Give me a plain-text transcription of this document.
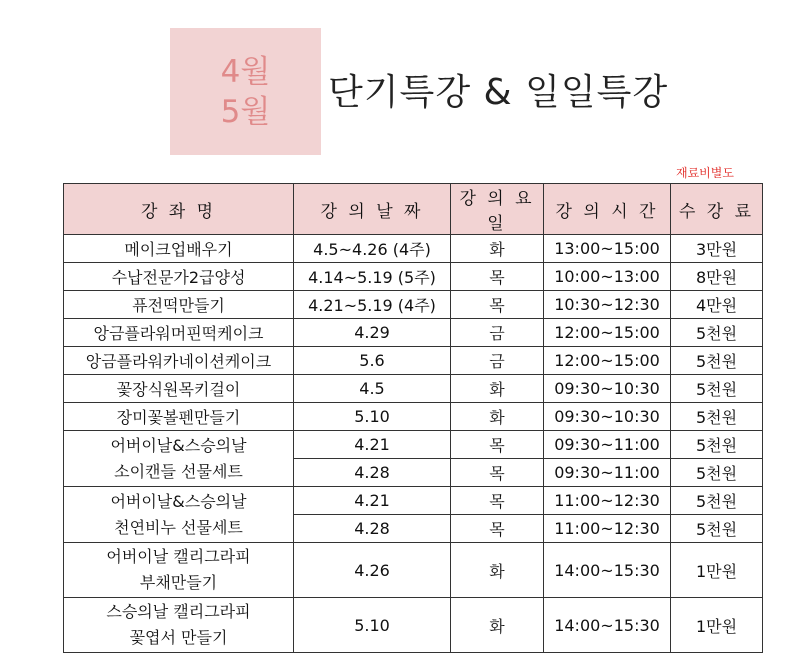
4월
5월 단기특강 & 일일특강
재료비별도
강 좌 명	강 의 날 짜	강 의 요 일	강 의 시 간	수 강 료
메이크업배우기	4.5~4.26 (4주)	화	13:00~15:00	3만원
수납전문가2급양성	4.14~5.19 (5주)	목	10:00~13:00	8만원
퓨전떡만들기	4.21~5.19 (4주)	목	10:30~12:30	4만원
앙금플라워머핀떡케이크	4.29	금	12:00~15:00	5천원
앙금플라워카네이션케이크	5.6	금	12:00~15:00	5천원
꽃장식원목키걸이	4.5	화	09:30~10:30	5천원
장미꽃볼펜만들기	5.10	화	09:30~10:30	5천원

어버이날&스승의날
소이캔들 선물세트	4.21	목	09:30~11:00	5천원
	4.28	목	09:30~11:00	5천원

어버이날&스승의날
천연비누 선물세트	4.21	목	11:00~12:30	5천원
	4.28	목	11:00~12:30	5천원

어버이날 캘리그라피
부채만들기	4.26	화	14:00~15:30	1만원

스승의날 캘리그라피
꽃엽서 만들기	5.10	화	14:00~15:30	1만원
